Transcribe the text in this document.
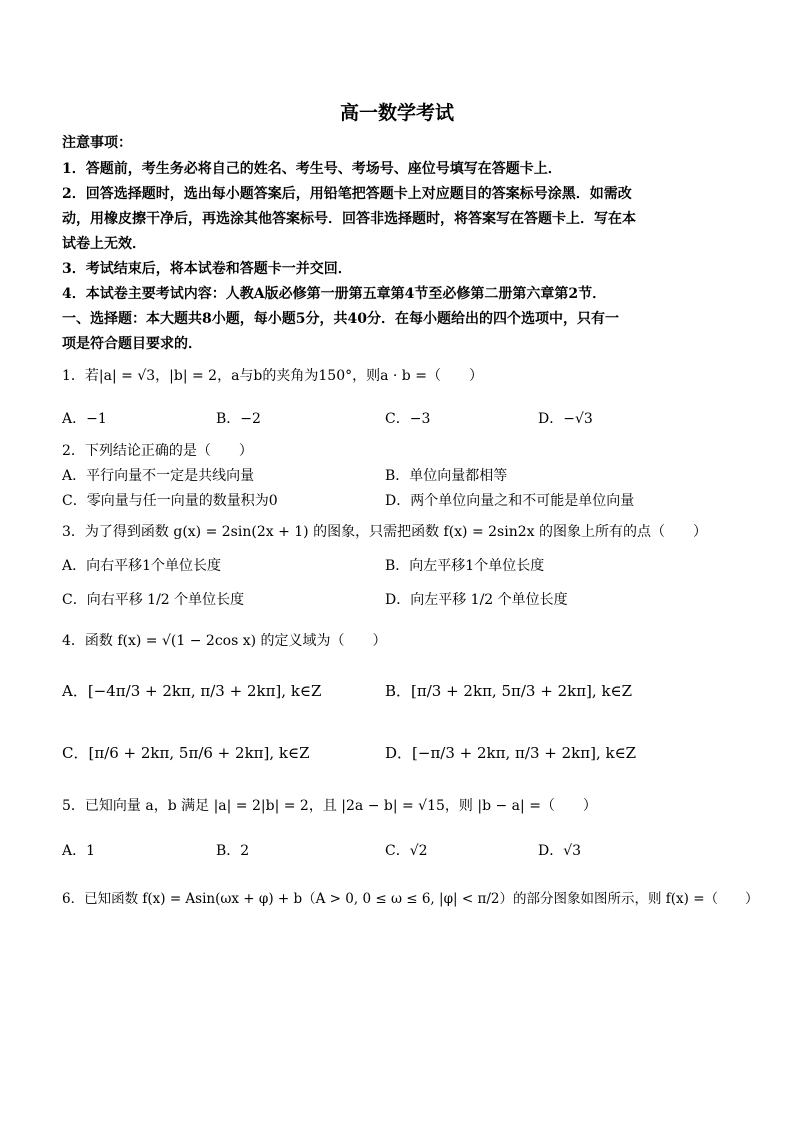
高一数学考试
注意事项：
1．答题前，考生务必将自己的姓名、考生号、考场号、座位号填写在答题卡上．
2．回答选择题时，选出每小题答案后，用铅笔把答题卡上对应题目的答案标号涂黑．如需改
动，用橡皮擦干净后，再选涂其他答案标号．回答非选择题时，将答案写在答题卡上．写在本
试卷上无效．
3．考试结束后，将本试卷和答题卡一并交回．
4．本试卷主要考试内容：人教A版必修第一册第五章第4节至必修第二册第六章第2节．
一、选择题：本大题共8小题，每小题5分，共40分．在每小题给出的四个选项中，只有一
项是符合题目要求的．
1．若|a| = √3，|b| = 2，a与b的夹角为150°，则a · b =（　　）
A．−1	B．−2	C．−3	D．−√3
2．下列结论正确的是（　　）
A．平行向量不一定是共线向量	B．单位向量都相等
C．零向量与任一向量的数量积为0	D．两个单位向量之和不可能是单位向量
3．为了得到函数 g(x) = 2sin(2x + 1) 的图象，只需把函数 f(x) = 2sin2x 的图象上所有的点（　　）
A．向右平移1个单位长度	B．向左平移1个单位长度
C．向右平移 1/2 个单位长度	D．向左平移 1/2 个单位长度
4．函数 f(x) = √(1 − 2cos x) 的定义域为（　　）
A．[−4π/3 + 2kπ, π/3 + 2kπ], k∈Z	B．[π/3 + 2kπ, 5π/3 + 2kπ], k∈Z
C．[π/6 + 2kπ, 5π/6 + 2kπ], k∈Z	D．[−π/3 + 2kπ, π/3 + 2kπ], k∈Z
5．已知向量 a，b 满足 |a| = 2|b| = 2，且 |2a − b| = √15，则 |b − a| =（　　）
A．1	B．2	C．√2	D．√3
6．已知函数 f(x) = Asin(ωx + φ) + b（A > 0, 0 ≤ ω ≤ 6, |φ| < π/2）的部分图象如图所示，则 f(x) =（　　）
